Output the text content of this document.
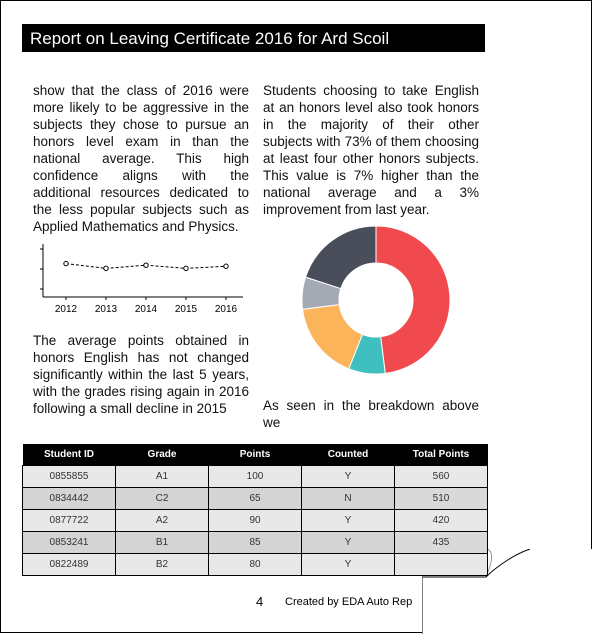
Report on Leaving Certificate 2016 for Ard Scoil
show that the class of 2016 were more likely to be aggressive in the subjects they chose to pursue an honors level exam in than the national average. This high confidence aligns with the additional resources dedicated to the less popular subjects such as Applied Mathematics and Physics.
Students choosing to take English at an honors level also took honors in the majority of their other subjects with 73% of them choosing at least four other honors subjects. This value is 7% higher than the national average and a 3% improvement from last year.
The average points obtained in honors English has not changed significantly within the last 5 years, with the grades rising again in 2016 following a small decline in 2015	As seen in the breakdown above we
2012 2013 2014 2015 2016
Student ID	Grade	Points	Counted	Total Points
0855855	A1	100	Y	560
0834442	C2	65	N	510
0877722	A2	90	Y	420
0853241	B1	85	Y	435
0822489	B2	80	Y	
4 Created by EDA Auto Rep
